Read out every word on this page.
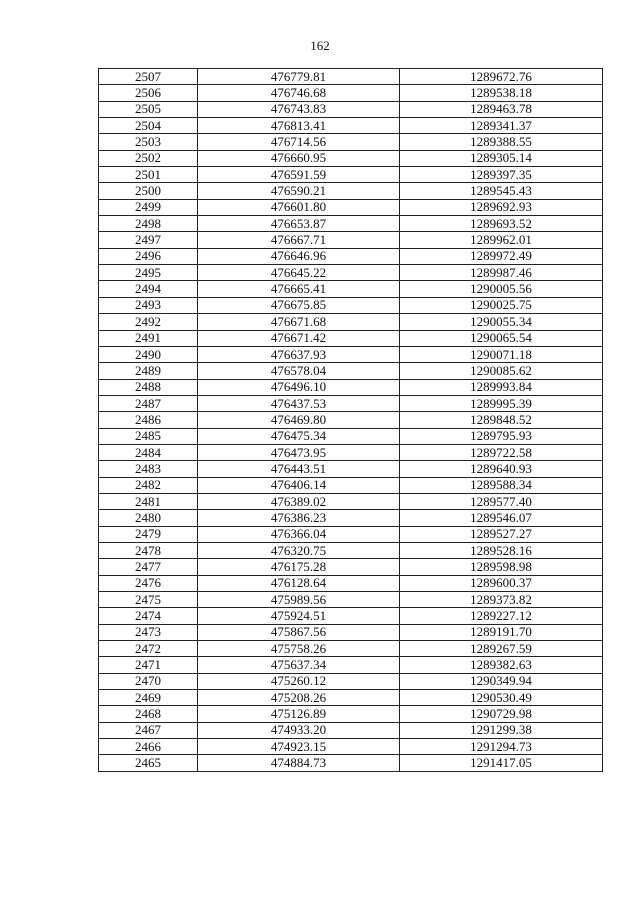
162
2507	476779.81	1289672.76
2506	476746.68	1289538.18
2505	476743.83	1289463.78
2504	476813.41	1289341.37
2503	476714.56	1289388.55
2502	476660.95	1289305.14
2501	476591.59	1289397.35
2500	476590.21	1289545.43
2499	476601.80	1289692.93
2498	476653.87	1289693.52
2497	476667.71	1289962.01
2496	476646.96	1289972.49
2495	476645.22	1289987.46
2494	476665.41	1290005.56
2493	476675.85	1290025.75
2492	476671.68	1290055.34
2491	476671.42	1290065.54
2490	476637.93	1290071.18
2489	476578.04	1290085.62
2488	476496.10	1289993.84
2487	476437.53	1289995.39
2486	476469.80	1289848.52
2485	476475.34	1289795.93
2484	476473.95	1289722.58
2483	476443.51	1289640.93
2482	476406.14	1289588.34
2481	476389.02	1289577.40
2480	476386.23	1289546.07
2479	476366.04	1289527.27
2478	476320.75	1289528.16
2477	476175.28	1289598.98
2476	476128.64	1289600.37
2475	475989.56	1289373.82
2474	475924.51	1289227.12
2473	475867.56	1289191.70
2472	475758.26	1289267.59
2471	475637.34	1289382.63
2470	475260.12	1290349.94
2469	475208.26	1290530.49
2468	475126.89	1290729.98
2467	474933.20	1291299.38
2466	474923.15	1291294.73
2465	474884.73	1291417.05
